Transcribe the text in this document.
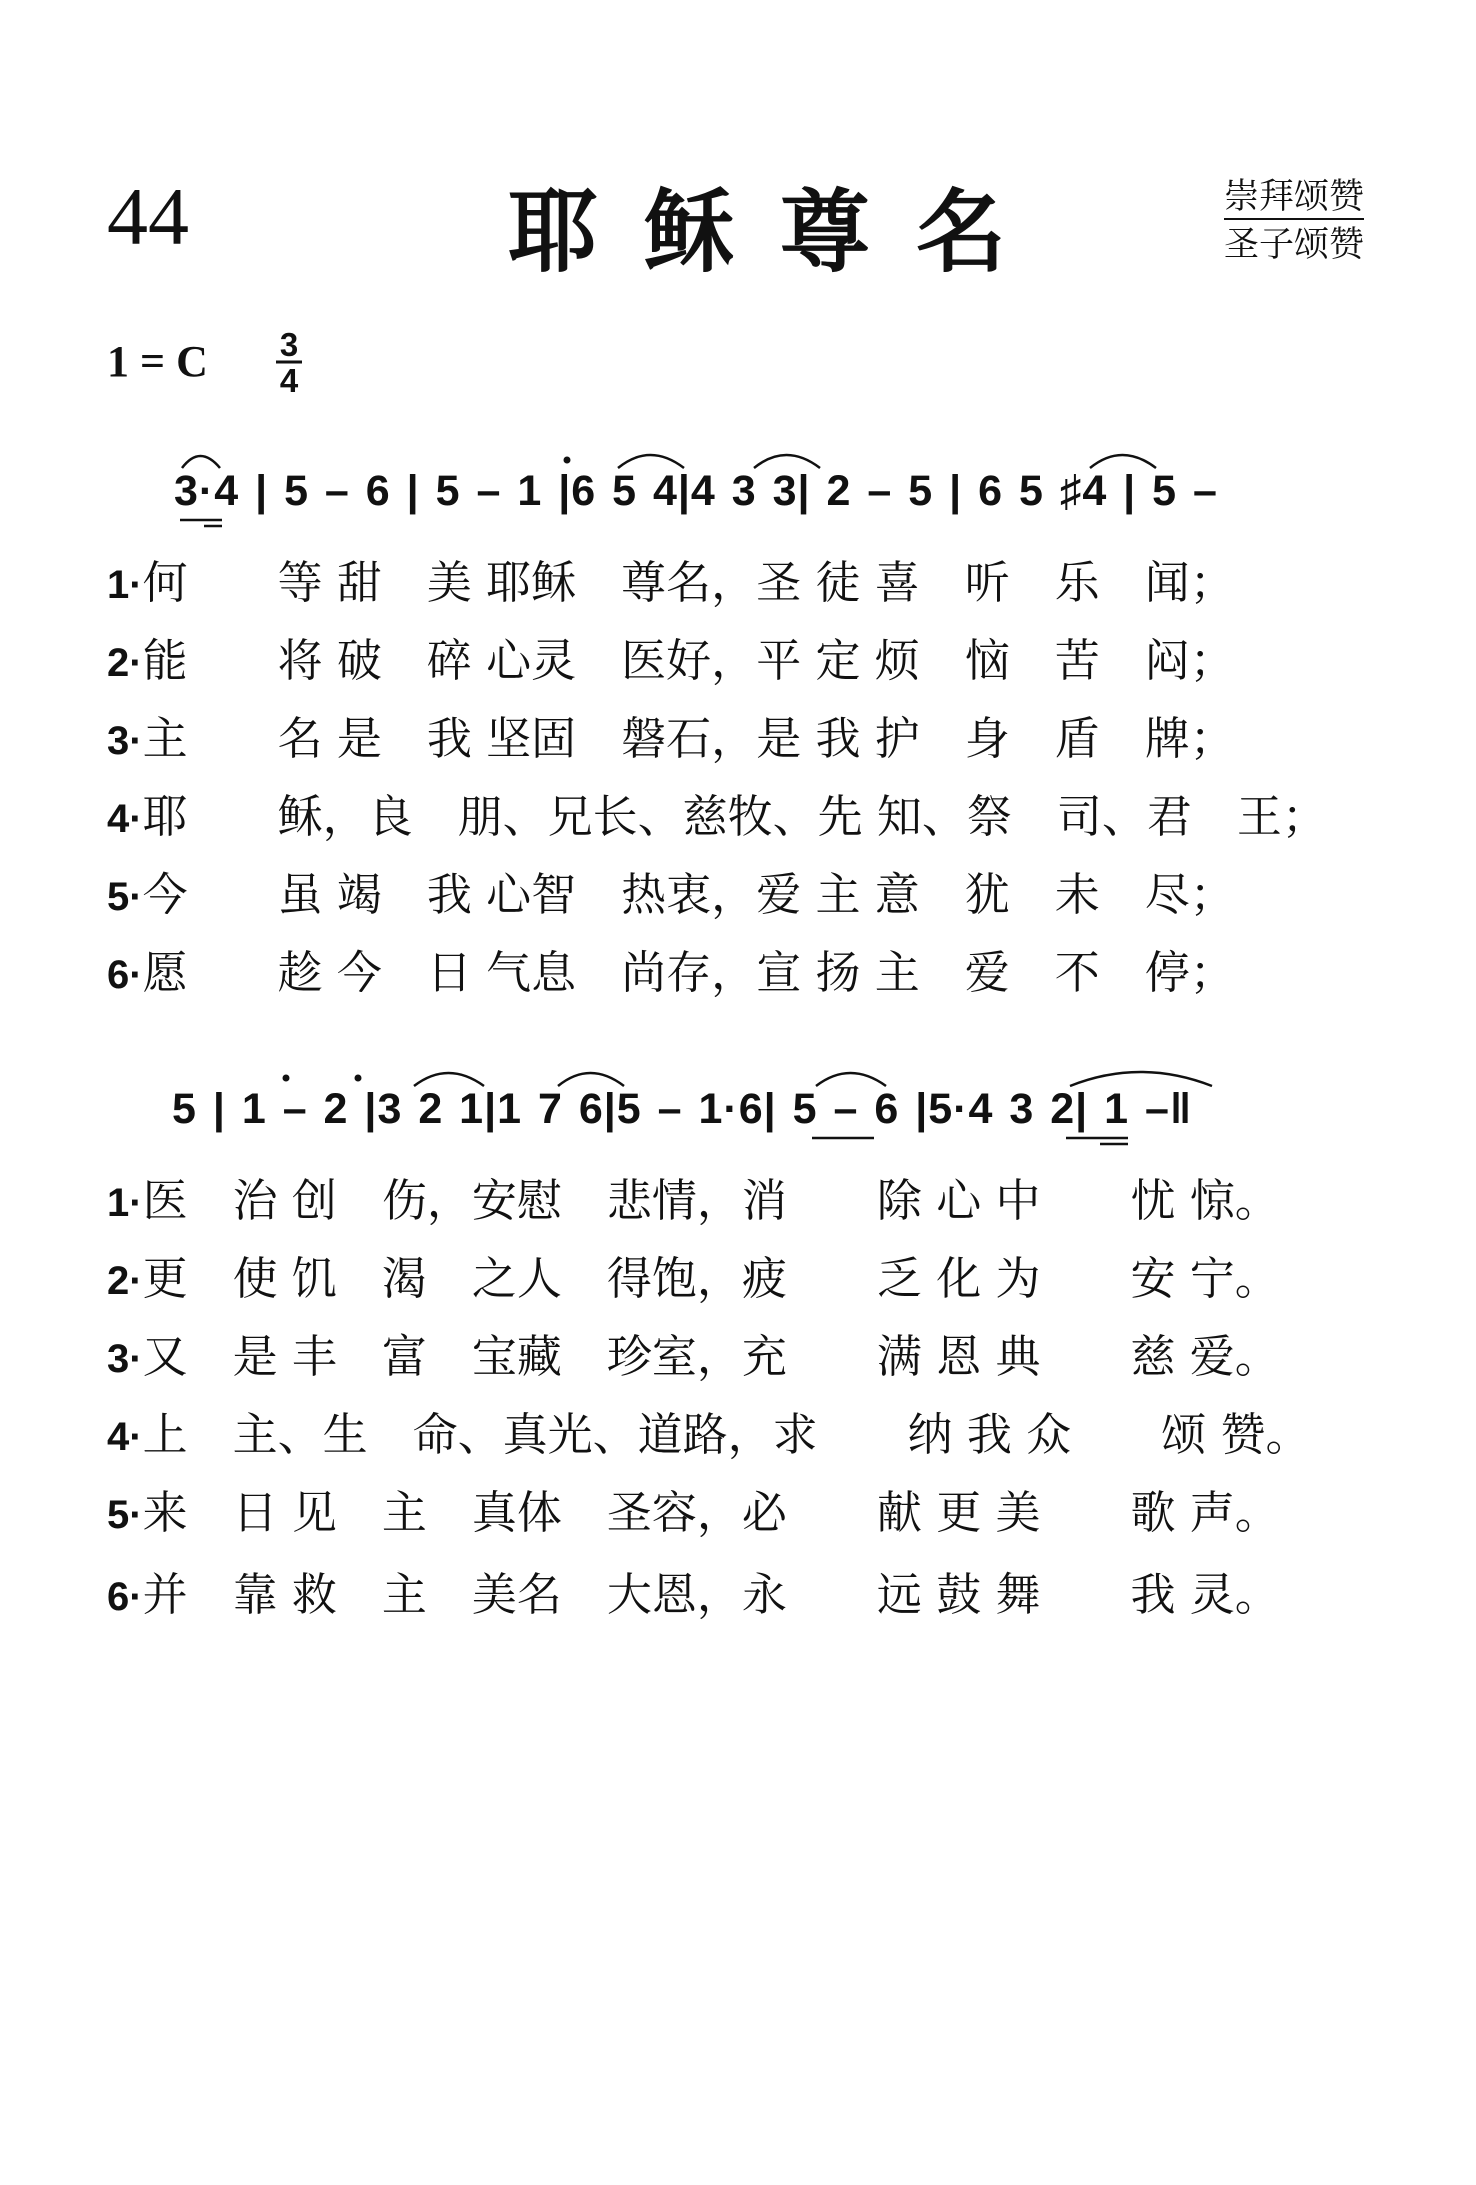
44	耶稣尊名	崇拜颂赞
圣子颂赞
1 = C 3
4
3·4 | 5 – 6 | 5 – 1 |6 5 4|4 3 3| 2 – 5 | 6 5 ♯4 | 5 –
1·何　　等 甜　美 耶稣　尊名，圣 徒 喜　听　乐　闻；
2·能　　将 破　碎 心灵　医好，平 定 烦　恼　苦　闷；
3·主　　名 是　我 坚固　磐石，是 我 护　身　盾　牌；
4·耶　　稣，良　朋、兄长、慈牧、先 知、祭　司、君　王；
5·今　　虽 竭　我 心智　热衷，爱 主 意　犹　未　尽；
6·愿　　趁 今　日 气息　尚存，宣 扬 主　爱　不　停；
5 | 1 – 2 |3 2 1|1 7 6|5 – 1·6| 5 – 6 |5·4 3 2| 1 –‖
1·医　治 创　伤，安慰　悲情，消　　除 心 中　　忧 惊。
2·更　使 饥　渴　之人　得饱，疲　　乏 化 为　　安 宁。
3·又　是 丰　富　宝藏　珍室，充　　满 恩 典　　慈 爱。
4·上　主、生　命、真光、道路，求　　纳 我 众　　颂 赞。
5·来　日 见　主　真体　圣容，必　　献 更 美　　歌 声。
6·并　靠 救　主　美名　大恩，永　　远 鼓 舞　　我 灵。
